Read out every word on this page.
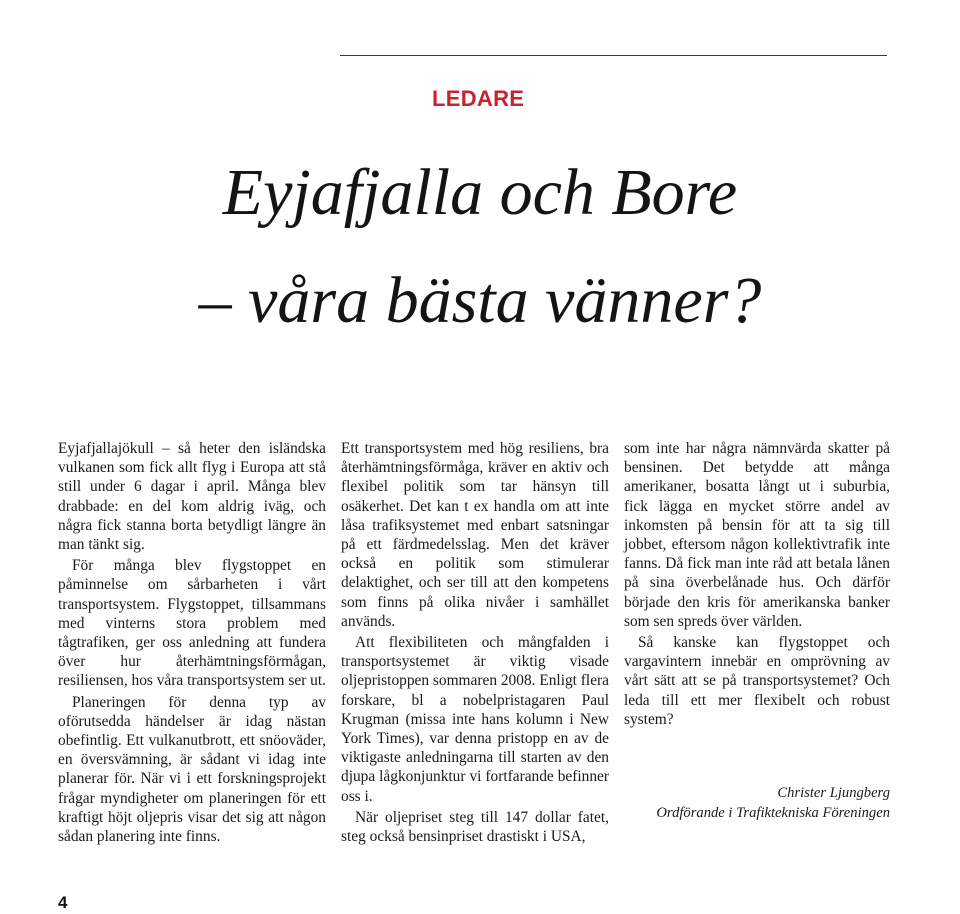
LEDARE
Eyjafjalla och Bore
– våra bästa vänner?

Eyjafjallajökull – så heter den isländska vulkanen som fick allt flyg i Europa att stå still under 6 dagar i april. Många blev drabbade: en del kom aldrig iväg, och några fick stanna borta betydligt längre än man tänkt sig.

För många blev flygstoppet en påminnelse om sårbarheten i vårt transportsystem. Flygstoppet, tillsammans med vinterns stora problem med tågtrafiken, ger oss anledning att fundera över hur återhämtningsförmågan, resiliensen, hos våra transportsystem ser ut.

Planeringen för denna typ av oförutsedda händelser är idag nästan obefintlig. Ett vulkanutbrott, ett snöoväder, en översvämning, är sådant vi idag inte planerar för. När vi i ett forskningsprojekt frågar myndigheter om planeringen för ett kraftigt höjt oljepris visar det sig att någon sådan planering inte finns.

Ett transportsystem med hög resiliens, bra återhämtningsförmåga, kräver en aktiv och flexibel politik som tar hänsyn till osäkerhet. Det kan t ex handla om att inte låsa trafiksystemet med enbart satsningar på ett färdmedelsslag. Men det kräver också en politik som stimulerar delaktighet, och ser till att den kompetens som finns på olika nivåer i samhället används.

Att flexibiliteten och mångfalden i transportsystemet är viktig visade oljepristoppen sommaren 2008. Enligt flera forskare, bl a nobelpristagaren Paul Krugman (missa inte hans kolumn i New York Times), var denna pristopp en av de viktigaste anledningarna till starten av den djupa lågkonjunktur vi fortfarande befinner oss i.

När oljepriset steg till 147 dollar fatet, steg också bensinpriset drastiskt i USA,

som inte har några nämnvärda skatter på bensinen. Det betydde att många amerikaner, bosatta långt ut i suburbia, fick lägga en mycket större andel av inkomsten på bensin för att ta sig till jobbet, eftersom någon kollektivtrafik inte fanns. Då fick man inte råd att betala lånen på sina överbelånade hus. Och därför började den kris för amerikanska banker som sen spreds över världen.

Så kanske kan flygstoppet och vargavintern innebär en omprövning av vårt sätt att se på transportsystemet? Och leda till ett mer flexibelt och robust system?

Christer Ljungberg
Ordförande i Trafiktekniska Föreningen
4
